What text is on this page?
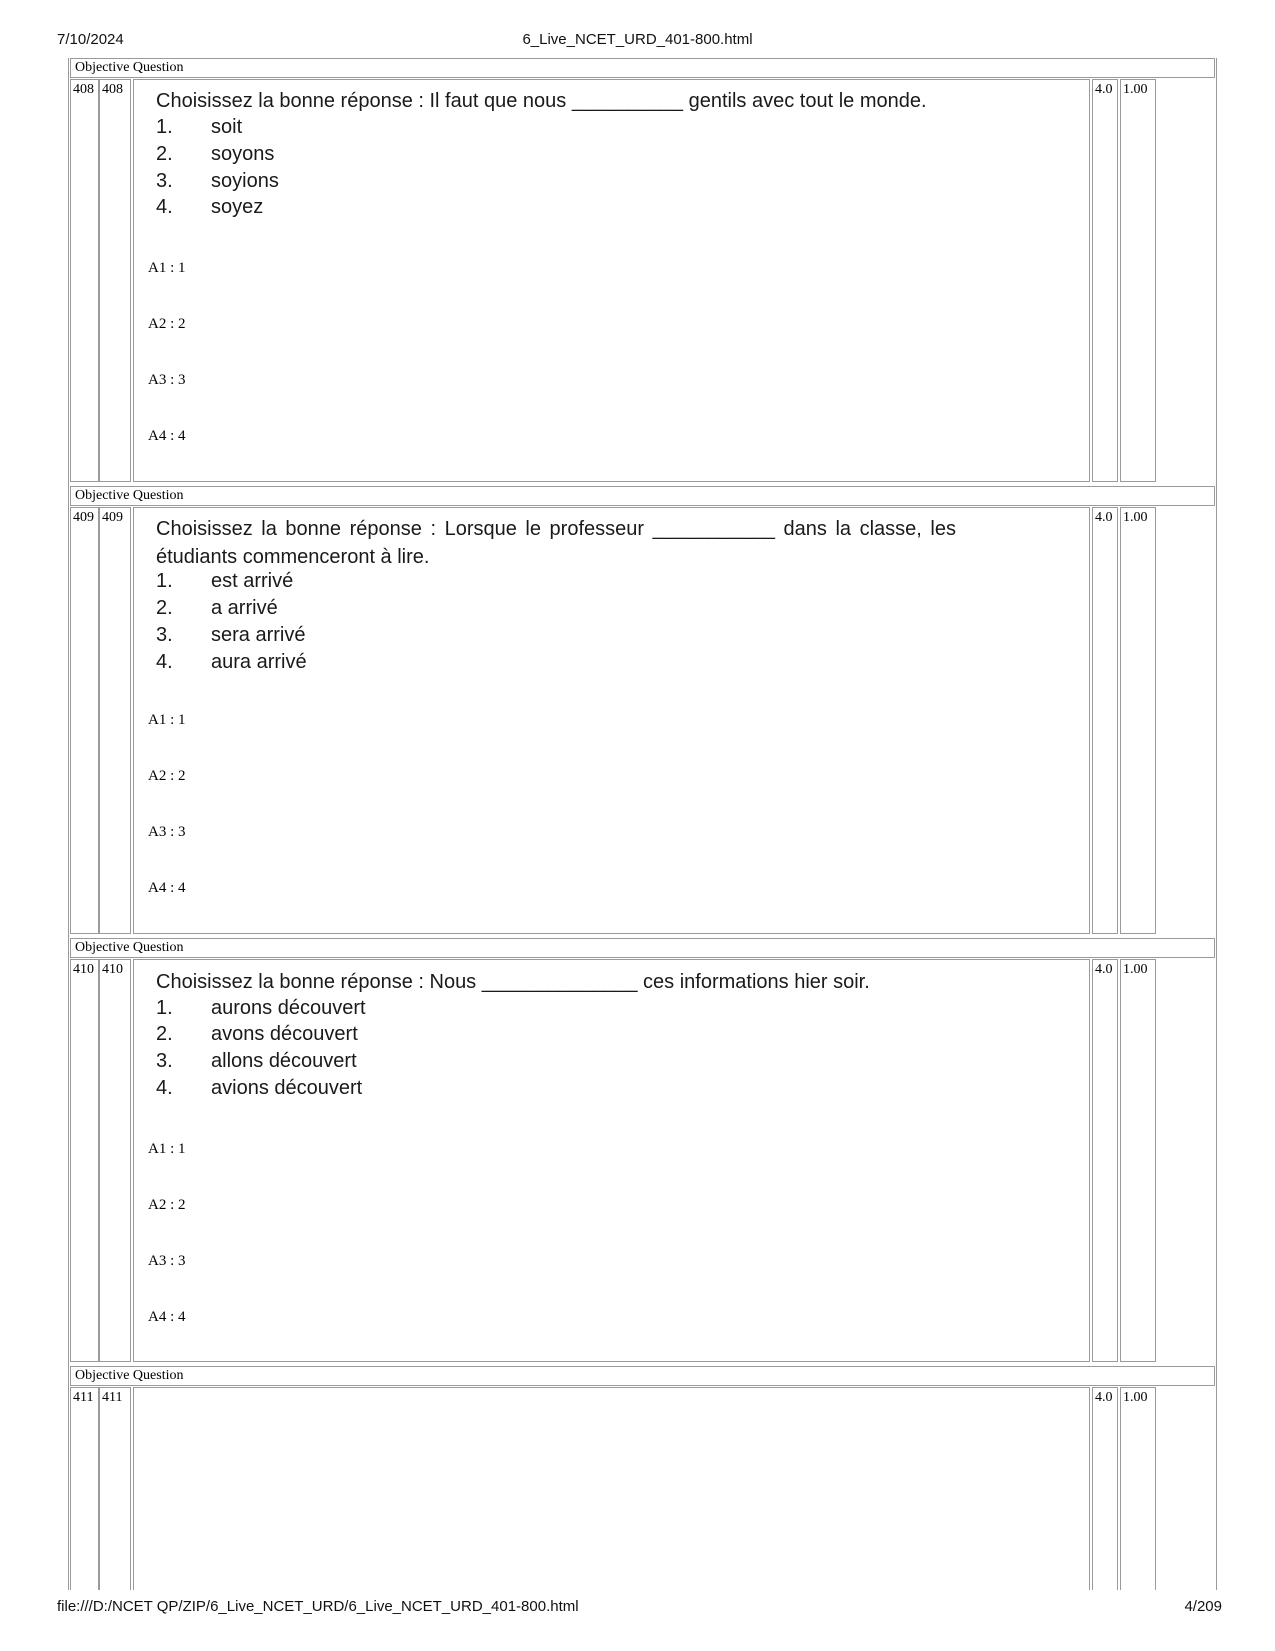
7/10/2024	6_Live_NCET_URD_401-800.html
Objective Question
408 408	4.0 1.00
Choisissez la bonne réponse : Il faut que nous __________ gentils avec tout le monde.
1. soit
2. soyons
3. soyions
4. soyez
A1 : 1
A2 : 2
A3 : 3
A4 : 4
Objective Question
409 409	4.0 1.00
Choisissez la bonne réponse : Lorsque le professeur ___________ dans la classe, les étudiants commenceront à lire.
1. est arrivé
2. a arrivé
3. sera arrivé
4. aura arrivé
A1 : 1
A2 : 2
A3 : 3
A4 : 4
Objective Question
410 410	4.0 1.00
Choisissez la bonne réponse : Nous ______________ ces informations hier soir.
1. aurons découvert
2. avons découvert
3. allons découvert
4. avions découvert
A1 : 1
A2 : 2
A3 : 3
A4 : 4
Objective Question
411 411	4.0 1.00
file:///D:/NCET QP/ZIP/6_Live_NCET_URD/6_Live_NCET_URD_401-800.html	4/209
